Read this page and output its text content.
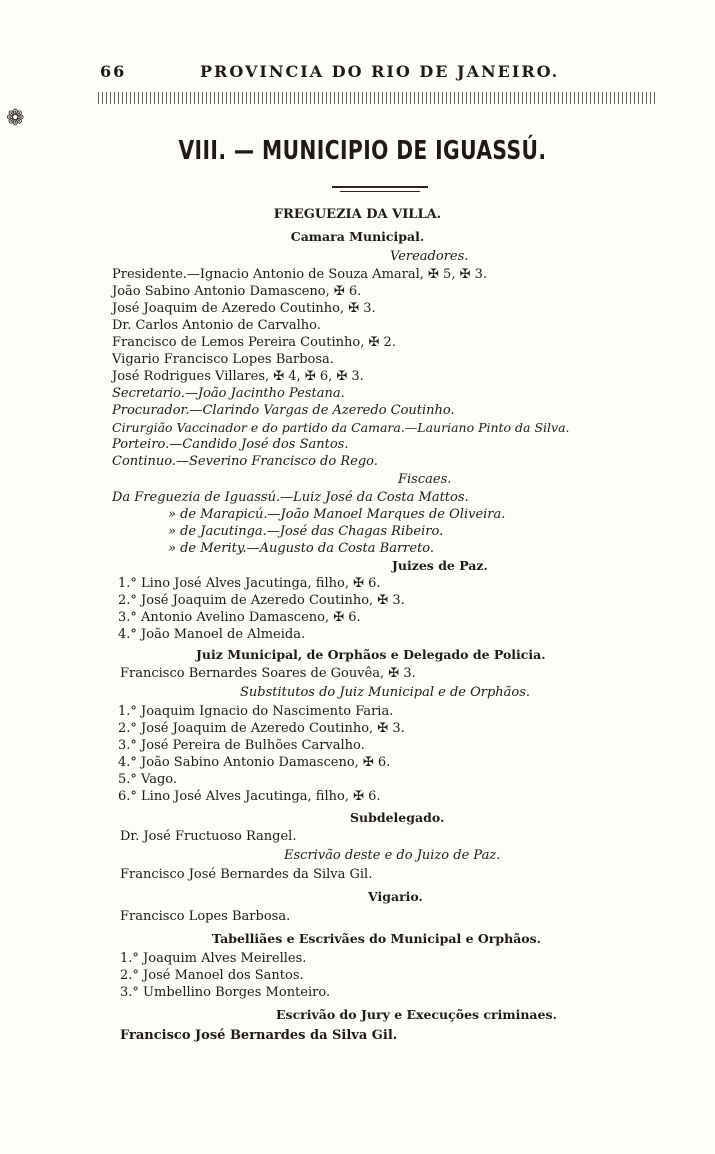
66	PROVINCIA DO RIO DE JANEIRO.
❁
VIII. — MUNICIPIO DE IGUASSÚ.
FREGUEZIA DA VILLA.
Camara Municipal.
Vereadores.
Presidente.—Ignacio Antonio de Souza Amaral, ✠ 5, ✠ 3.
João Sabino Antonio Damasceno, ✠ 6.
José Joaquim de Azeredo Coutinho, ✠ 3.
Dr. Carlos Antonio de Carvalho.
Francisco de Lemos Pereira Coutinho, ✠ 2.
Vigario Francisco Lopes Barbosa.
José Rodrigues Villares, ✠ 4, ✠ 6, ✠ 3.
Secretario.—João Jacintho Pestana.
Procurador.—Clarindo Vargas de Azeredo Coutinho.
Cirurgião Vaccinador e do partido da Camara.—Lauriano Pinto da Silva.
Porteiro.—Candido José dos Santos.
Continuo.—Severino Francisco do Rego.
Fiscaes.
Da Freguezia de Iguassú.—Luiz José da Costa Mattos.
» de Marapicú.—João Manoel Marques de Oliveira.
» de Jacutinga.—José das Chagas Ribeiro.
» de Merity.—Augusto da Costa Barreto.
Juizes de Paz.
1.° Lino José Alves Jacutinga, filho, ✠ 6.
2.° José Joaquim de Azeredo Coutinho, ✠ 3.
3.° Antonio Avelino Damasceno, ✠ 6.
4.° João Manoel de Almeida.
Juiz Municipal, de Orphãos e Delegado de Policia.
Francisco Bernardes Soares de Gouvêa, ✠ 3.
Substitutos do Juiz Municipal e de Orphãos.
1.° Joaquim Ignacio do Nascimento Faria.
2.° José Joaquim de Azeredo Coutinho, ✠ 3.
3.° José Pereira de Bulhões Carvalho.
4.° João Sabino Antonio Damasceno, ✠ 6.
5.° Vago.
6.° Lino José Alves Jacutinga, filho, ✠ 6.
Subdelegado.
Dr. José Fructuoso Rangel.
Escrivão deste e do Juizo de Paz.
Francisco José Bernardes da Silva Gil.
Vigario.
Francisco Lopes Barbosa.
Tabelliães e Escrivães do Municipal e Orphãos.
1.° Joaquim Alves Meirelles.
2.° José Manoel dos Santos.
3.° Umbellino Borges Monteiro.
Escrivão do Jury e Execuções criminaes.
Francisco José Bernardes da Silva Gil.
